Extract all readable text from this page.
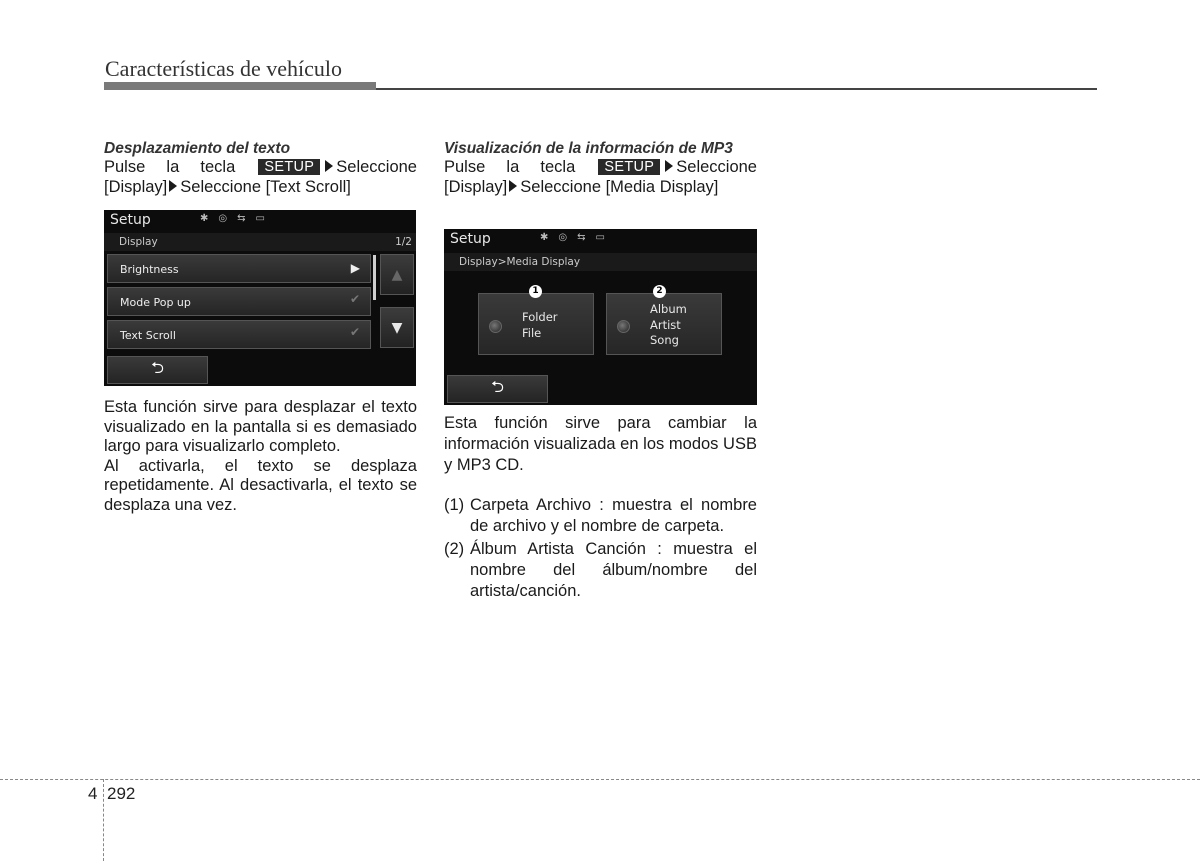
Características de vehículo
Desplazamiento del texto
Pulse la tecla SETUP Seleccione
[Display] Seleccione [Text Scroll]
Setup	✱ ◎ ⇆ ▭
Display	1/2
Brightness	▶
Mode Pop up	✔
Text Scroll	✔
▲
▼
⮌

Esta función sirve para desplazar el texto visualizado en la pantalla si es demasiado largo para visualizarlo completo.

Al activarla, el texto se desplaza repetidamente. Al desactivarla, el texto se desplaza una vez.

Visualización de la información de MP3
Pulse la tecla SETUP Seleccione
[Display] Seleccione [Media Display]
Setup	✱ ◎ ⇆ ▭
Display>Media Display
Folder
File
1
Album
Artist
Song
2
⮌

Esta función sirve para cambiar la información visualizada en los modos USB y MP3 CD.

(1) Carpeta Archivo : muestra el nombre de archivo y el nombre de carpeta.
(2) Álbum Artista Canción : muestra el nombre del álbum/nombre del artista/canción.
4 292
